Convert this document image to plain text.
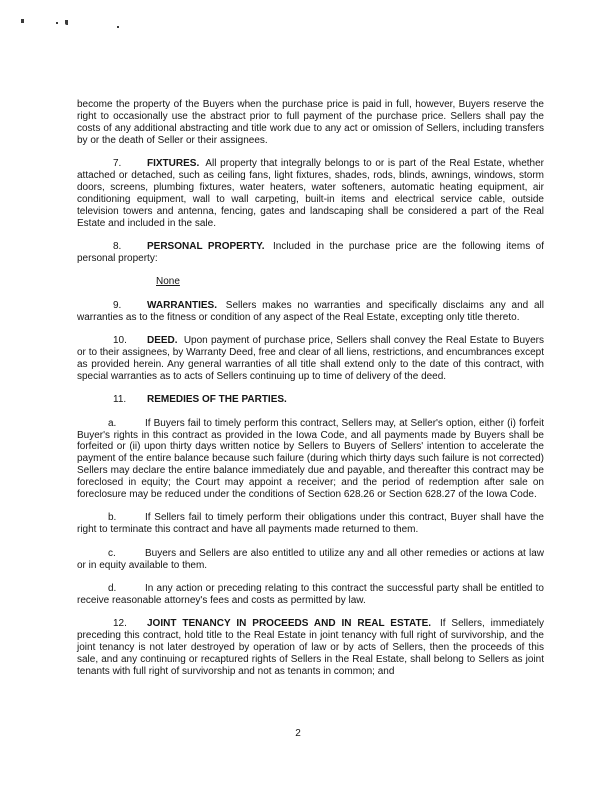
become the property of the Buyers when the purchase price is paid in full, however, Buyers reserve the right to occasionally use the abstract prior to full payment of the purchase price. Sellers shall pay the costs of any additional abstracting and title work due to any act or omission of Sellers, including transfers by or the death of Seller or their assignees.

7.	FIXTURES. All property that integrally belongs to or is part of the Real Estate, whether attached or detached, such as ceiling fans, light fixtures, shades, rods, blinds, awnings, windows, storm doors, screens, plumbing fixtures, water heaters, water softeners, automatic heating equipment, air conditioning equipment, wall to wall carpeting, built-in items and electrical service cable, outside television towers and antenna, fencing, gates and landscaping shall be considered a part of the Real Estate and included in the sale.

8.	PERSONAL PROPERTY. Included in the purchase price are the following items of personal property:

None

9.	WARRANTIES. Sellers makes no warranties and specifically disclaims any and all warranties as to the fitness or condition of any aspect of the Real Estate, excepting only title thereto.

10. DEED. Upon payment of purchase price, Sellers shall convey the Real Estate to Buyers or to their assignees, by Warranty Deed, free and clear of all liens, restrictions, and encumbrances except as provided herein. Any general warranties of all title shall extend only to the date of this contract, with special warranties as to acts of Sellers continuing up to time of delivery of the deed.

11. REMEDIES OF THE PARTIES.

a.	If Buyers fail to timely perform this contract, Sellers may, at Seller's option, either (i) forfeit Buyer's rights in this contract as provided in the Iowa Code, and all payments made by Buyers shall be forfeited or (ii) upon thirty days written notice by Sellers to Buyers of Sellers' intention to accelerate the payment of the entire balance because such failure (during which thirty days such failure is not corrected) Sellers may declare the entire balance immediately due and payable, and thereafter this contract may be foreclosed in equity; the Court may appoint a receiver; and the period of redemption after sale on foreclosure may be reduced under the conditions of Section 628.26 or Section 628.27 of the Iowa Code.

b.	If Sellers fail to timely perform their obligations under this contract, Buyer shall have the right to terminate this contract and have all payments made returned to them.

c.	Buyers and Sellers are also entitled to utilize any and all other remedies or actions at law or in equity available to them.

d.	In any action or preceding relating to this contract the successful party shall be entitled to receive reasonable attorney's fees and costs as permitted by law.

12. JOINT TENANCY IN PROCEEDS AND IN REAL ESTATE. If Sellers, immediately preceding this contract, hold title to the Real Estate in joint tenancy with full right of survivorship, and the joint tenancy is not later destroyed by operation of law or by acts of Sellers, then the proceeds of this sale, and any continuing or recaptured rights of Sellers in the Real Estate, shall belong to Sellers as joint tenants with full right of survivorship and not as tenants in common; and

2
